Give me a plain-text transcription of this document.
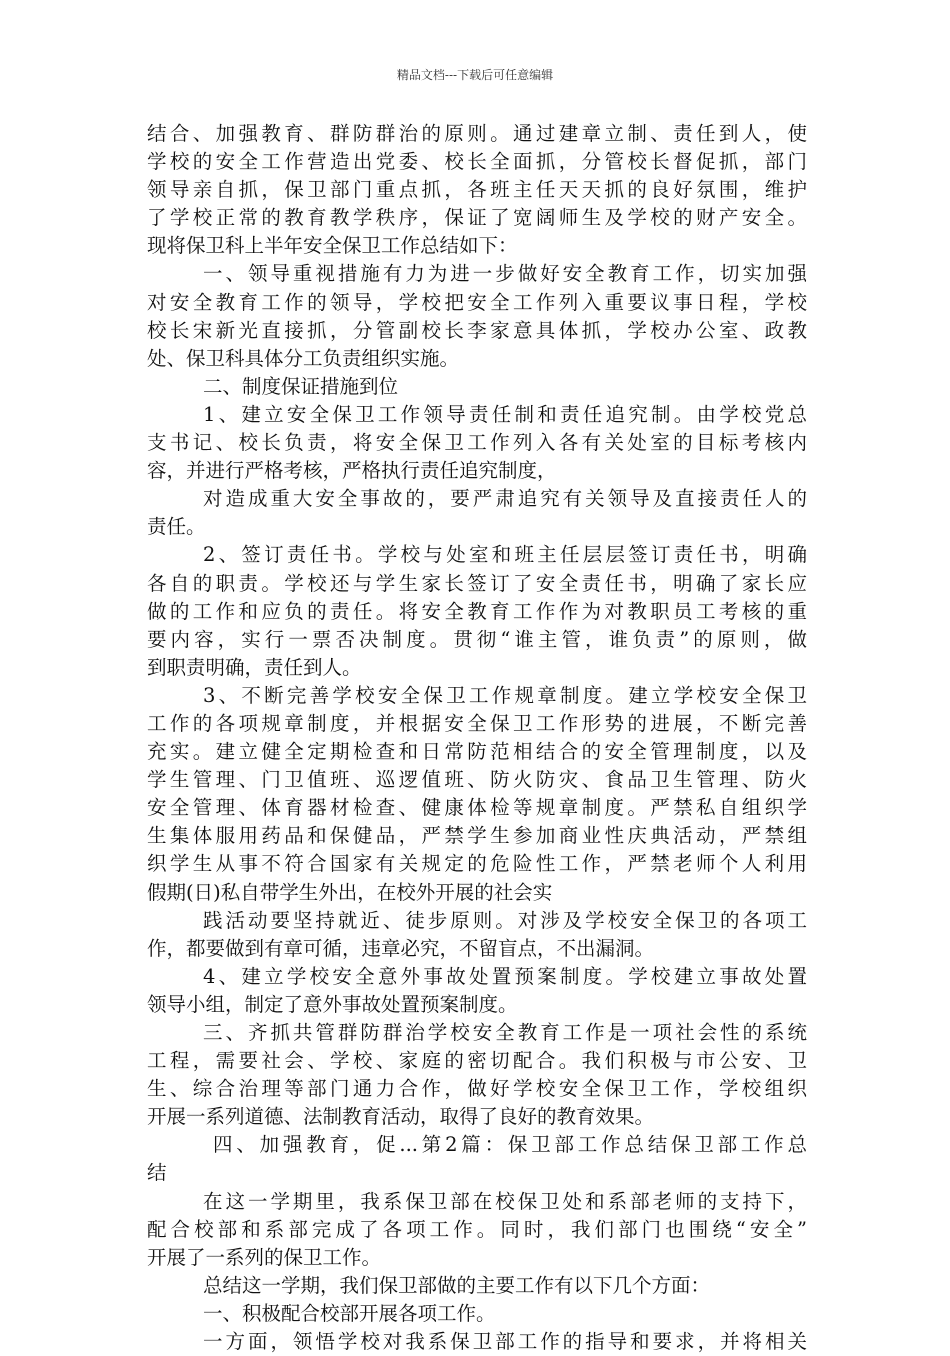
精品文档---下载后可任意编辑
结合、加强教育、群防群治的原则。通过建章立制、责任到人，使
学校的安全工作营造出党委、校长全面抓，分管校长督促抓，部门
领导亲自抓，保卫部门重点抓，各班主任天天抓的良好氛围，维护
了学校正常的教育教学秩序，保证了宽阔师生及学校的财产安全。
现将保卫科上半年安全保卫工作总结如下：
一、领导重视措施有力为进一步做好安全教育工作，切实加强
对安全教育工作的领导，学校把安全工作列入重要议事日程，学校
校长宋新光直接抓，分管副校长李家意具体抓，学校办公室、政教
处、保卫科具体分工负责组织实施。
二、制度保证措施到位
1、建立安全保卫工作领导责任制和责任追究制。由学校党总
支书记、校长负责，将安全保卫工作列入各有关处室的目标考核内
容，并进行严格考核，严格执行责任追究制度，
对造成重大安全事故的，要严肃追究有关领导及直接责任人的
责任。
2、签订责任书。学校与处室和班主任层层签订责任书，明确
各自的职责。学校还与学生家长签订了安全责任书，明确了家长应
做的工作和应负的责任。将安全教育工作作为对教职员工考核的重
要内容，实行一票否决制度。贯彻“谁主管，谁负责”的原则，做
到职责明确，责任到人。
3、不断完善学校安全保卫工作规章制度。建立学校安全保卫
工作的各项规章制度，并根据安全保卫工作形势的进展，不断完善
充实。建立健全定期检查和日常防范相结合的安全管理制度，以及
学生管理、门卫值班、巡逻值班、防火防灾、食品卫生管理、防火
安全管理、体育器材检查、健康体检等规章制度。严禁私自组织学
生集体服用药品和保健品，严禁学生参加商业性庆典活动，严禁组
织学生从事不符合国家有关规定的危险性工作，严禁老师个人利用
假期(日)私自带学生外出，在校外开展的社会实
践活动要坚持就近、徒步原则。对涉及学校安全保卫的各项工
作，都要做到有章可循，违章必究，不留盲点，不出漏洞。
4、建立学校安全意外事故处置预案制度。学校建立事故处置
领导小组，制定了意外事故处置预案制度。
三、齐抓共管群防群治学校安全教育工作是一项社会性的系统
工程，需要社会、学校、家庭的密切配合。我们积极与市公安、卫
生、综合治理等部门通力合作，做好学校安全保卫工作，学校组织
开展一系列道德、法制教育活动，取得了良好的教育效果。
四、加强教育，促...第2篇：保卫部工作总结保卫部工作总
结
在这一学期里，我系保卫部在校保卫处和系部老师的支持下，
配合校部和系部完成了各项工作。同时，我们部门也围绕“安全”
开展了一系列的保卫工作。
总结这一学期，我们保卫部做的主要工作有以下几个方面：
一、积极配合校部开展各项工作。
一方面，领悟学校对我系保卫部工作的指导和要求，并将相关
